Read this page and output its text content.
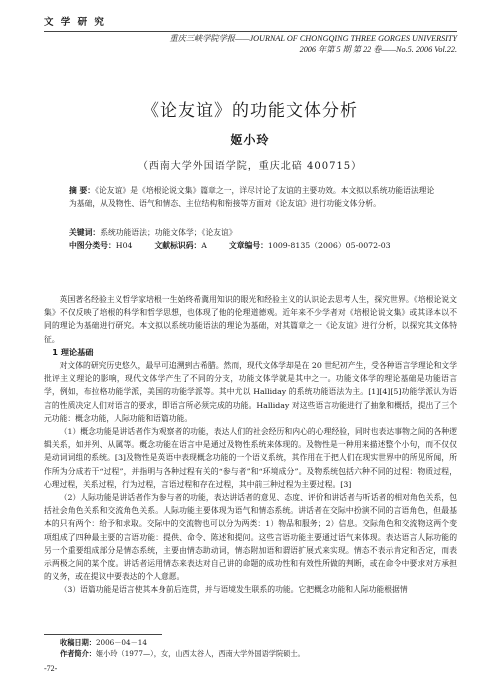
文 学 研 究
重庆三峡学院学报——JOURNAL OF CHONGQING THREE GORGES UNIVERSITY
2006 年第 5 期 第 22 卷——No.5. 2006 Vol.22.
《论友谊》的功能文体分析
姬小玲
（西南大学外国语学院，重庆北碚 400715）
摘 要：《论友谊》是《培根论说文集》篇章之一，详尽讨论了友谊的主要功效。本文拟以系统功能语法理论为基础，从及物性、语气和情态、主位结构和衔接等方面对《论友谊》进行功能文体分析。
关键词：系统功能语法；功能文体学；《论友谊》
中图分类号：H04	文献标识码：A	文章编号：1009-8135（2006）05-0072-03

英国著名经验主义哲学家培根一生始终希冀用知识的眼光和经验主义的认识论去思考人生，探究世界。《培根论说文集》不仅反映了培根的科学和哲学思想，也体现了他的伦理道德观。近年来不少学者对《培根论说文集》或其译本以不同的理论为基础进行研究。本文拟以系统功能语法的理论为基础，对其篇章之一《论友谊》进行分析，以探究其文体特征。

1 理论基础

对文体的研究历史悠久，最早可追溯到古希腊。然而，现代文体学却是在 20 世纪初产生，受各种语言学理论和文学批评主义理论的影响，现代文体学产生了不同的分支，功能文体学就是其中之一。功能文体学的理论基础是功能语言学，例如，布拉格功能学派，美国的功能学派等。其中尤以 Halliday 的系统功能语法为主。[1][4][5]功能学派认为语言的性质决定人们对语言的要求，即语言所必须完成的功能。Halliday 对这些语言功能进行了抽象和概括，提出了三个元功能：概念功能，人际功能和语篇功能。

（1）概念功能是讲话者作为观察者的功能，表达人们的社会经历和内心的心理经验，同时也表达事物之间的各种逻辑关系，如并列、从属等。概念功能在语言中是通过及物性系统来体现的。及物性是一种用来描述整个小句，而不仅仅是动词词组的系统。[3]及物性是英语中表现概念功能的一个语义系统，其作用在于把人们在现实世界中的所见所闻，所作所为分成若干“过程”，并指明与各种过程有关的“参与者”和“环境成分”。及物系统包括六种不同的过程：物质过程，心理过程，关系过程，行为过程，言语过程和存在过程，其中前三种过程为主要过程。[3]

（2）人际功能是讲话者作为参与者的功能，表达讲话者的意见、态度、评价和讲话者与听话者的相对角色关系，包括社会角色关系和交流角色关系。人际功能主要体现为语气和情态系统。讲话者在交际中扮演不同的言语角色，但最基本的只有两个：给予和求取。交际中的交流物也可以分为两类：1）物品和服务；2）信息。交际角色和交流物这两个变项组成了四种最主要的言语功能：提供、命令、陈述和提问。这些言语功能主要通过语气来体现。表达语言人际功能的另一个重要组成部分是情态系统，主要由情态助动词，情态附加语和谓语扩展式来实现。情态不表示肯定和否定，而表示两极之间的某个度。讲话者运用情态来表达对自己讲的命题的成功性和有效性所做的判断，或在命令中要求对方承担的义务，或在提议中要表达的个人意愿。

（3）语篇功能是语言使其本身前后连贯，并与语境发生联系的功能。它把概念功能和人际功能根据情

收稿日期：2006－04－14
作者简介：姬小玲（1977—），女，山西太谷人，西南大学外国语学院硕士。
-72-
